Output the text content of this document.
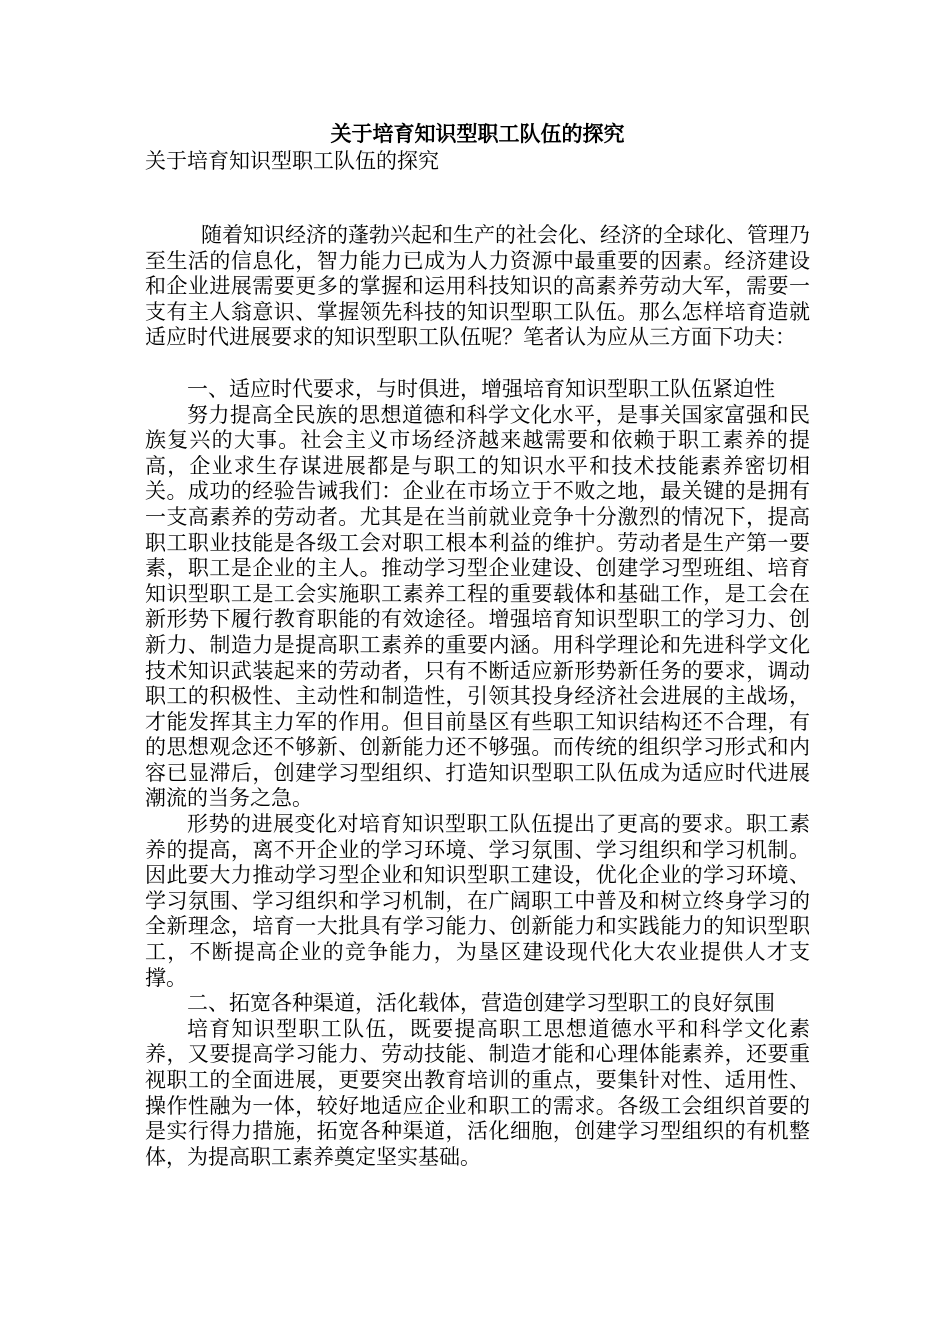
关于培育知识型职工队伍的探究
关于培育知识型职工队伍的探究

随着知识经济的蓬勃兴起和生产的社会化、经济的全球化、管理乃至生活的信息化，智力能力已成为人力资源中最重要的因素。经济建设和企业进展需要更多的掌握和运用科技知识的高素养劳动大军，需要一支有主人翁意识、掌握领先科技的知识型职工队伍。那么怎样培育造就适应时代进展要求的知识型职工队伍呢？笔者认为应从三方面下功夫：

一、适应时代要求，与时俱进，增强培育知识型职工队伍紧迫性

努力提高全民族的思想道德和科学文化水平，是事关国家富强和民族复兴的大事。社会主义市场经济越来越需要和依赖于职工素养的提高，企业求生存谋进展都是与职工的知识水平和技术技能素养密切相关。成功的经验告诫我们：企业在市场立于不败之地，最关键的是拥有一支高素养的劳动者。尤其是在当前就业竞争十分激烈的情况下，提高职工职业技能是各级工会对职工根本利益的维护。劳动者是生产第一要素，职工是企业的主人。推动学习型企业建设、创建学习型班组、培育知识型职工是工会实施职工素养工程的重要载体和基础工作，是工会在新形势下履行教育职能的有效途径。增强培育知识型职工的学习力、创新力、制造力是提高职工素养的重要内涵。用科学理论和先进科学文化技术知识武装起来的劳动者，只有不断适应新形势新任务的要求，调动职工的积极性、主动性和制造性，引领其投身经济社会进展的主战场，才能发挥其主力军的作用。但目前垦区有些职工知识结构还不合理，有的思想观念还不够新、创新能力还不够强。而传统的组织学习形式和内容已显滞后，创建学习型组织、打造知识型职工队伍成为适应时代进展潮流的当务之急。

形势的进展变化对培育知识型职工队伍提出了更高的要求。职工素养的提高，离不开企业的学习环境、学习氛围、学习组织和学习机制。因此要大力推动学习型企业和知识型职工建设，优化企业的学习环境、学习氛围、学习组织和学习机制，在广阔职工中普及和树立终身学习的全新理念，培育一大批具有学习能力、创新能力和实践能力的知识型职工，不断提高企业的竞争能力，为垦区建设现代化大农业提供人才支撑。

二、拓宽各种渠道，活化载体，营造创建学习型职工的良好氛围

培育知识型职工队伍，既要提高职工思想道德水平和科学文化素养，又要提高学习能力、劳动技能、制造才能和心理体能素养，还要重视职工的全面进展，更要突出教育培训的重点，要集针对性、适用性、操作性融为一体，较好地适应企业和职工的需求。各级工会组织首要的是实行得力措施，拓宽各种渠道，活化细胞，创建学习型组织的有机整体，为提高职工素养奠定坚实基础。
